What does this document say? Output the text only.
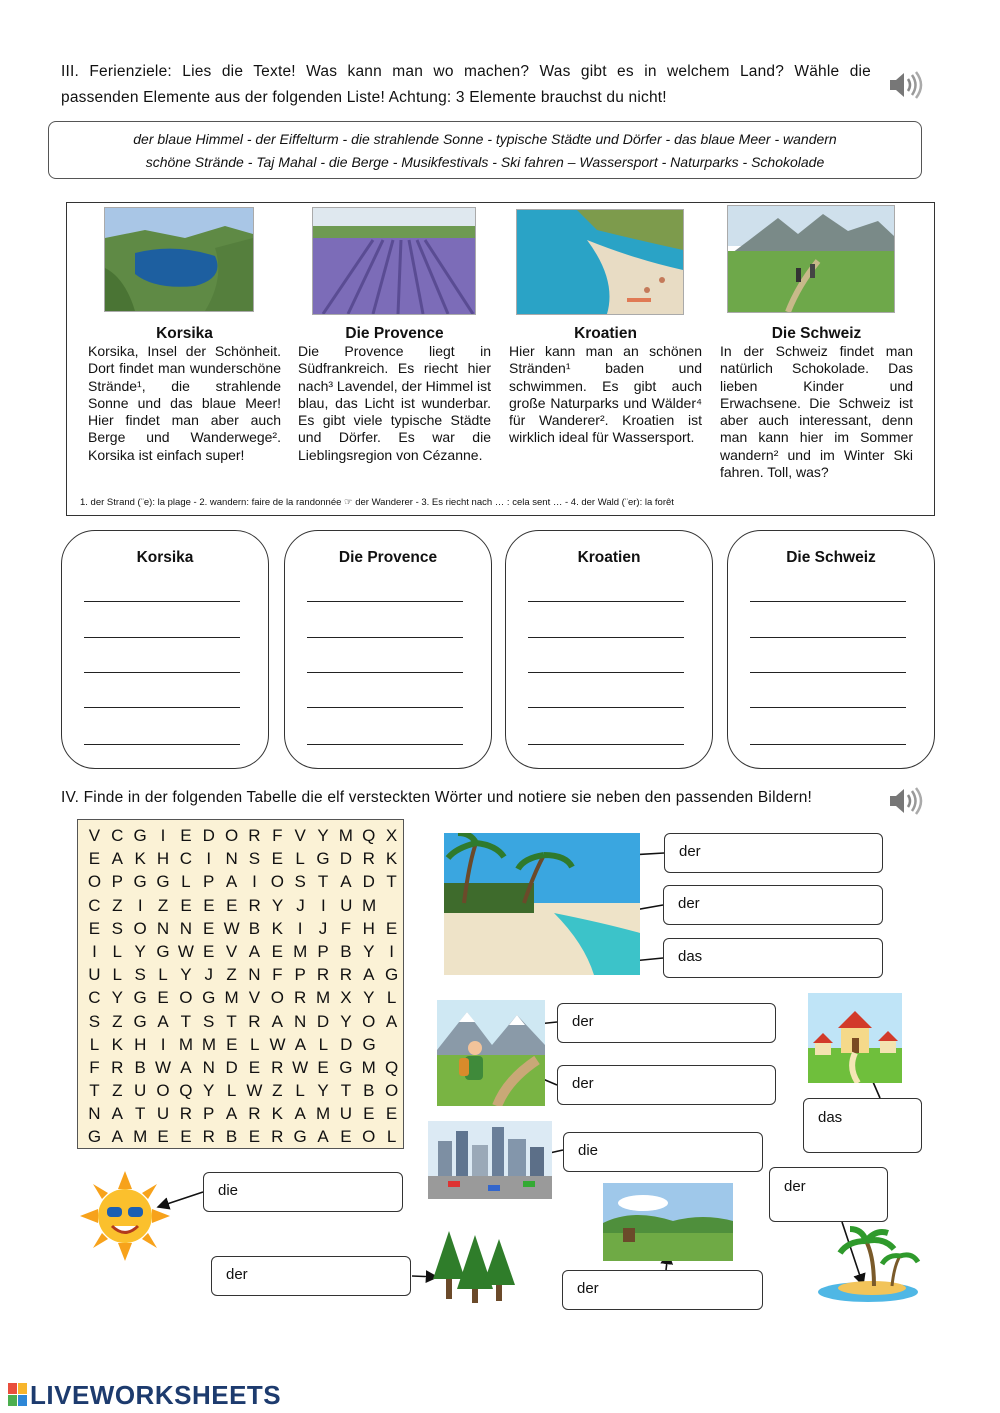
III. Ferienziele: Lies die Texte! Was kann man wo machen? Was gibt es in welchem Land? Wähle die
passenden Elemente aus der folgenden Liste! Achtung: 3 Elemente brauchst du nicht!
der blaue Himmel - der Eiffelturm - die strahlende Sonne - typische Städte und Dörfer - das blaue Meer - wandern
schöne Strände - Taj Mahal - die Berge - Musikfestivals - Ski fahren – Wassersport - Naturparks - Schokolade
Korsika
Korsika, Insel der Schönheit. Dort findet man wunderschöne Strände¹, die strahlende Sonne und das blaue Meer! Hier findet man aber auch Berge und Wanderwege². Korsika ist einfach super!
Die Provence
Die Provence liegt in Südfrankreich. Es riecht hier nach³ Lavendel, der Himmel ist blau, das Licht ist wunderbar. Es gibt viele typische Städte und Dörfer. Es war die Lieblingsregion von Cézanne.
Kroatien
Hier kann man an schönen Stränden¹ baden und schwimmen. Es gibt auch große Naturparks und Wälder⁴ für Wanderer². Kroatien ist wirklich ideal für Wassersport.
Die Schweiz
In der Schweiz findet man natürlich Schokolade. Das lieben Kinder und Erwachsene. Die Schweiz ist aber auch interessant, denn man kann hier im Sommer wandern² und im Winter Ski fahren. Toll, was?
1. der Strand (¨e): la plage - 2. wandern: faire de la randonnée ☞ der Wanderer - 3. Es riecht nach … : cela sent … - 4. der Wald (¨er): la forêt
Korsika	Die Provence	Kroatien	Die Schweiz
IV. Finde in der folgenden Tabelle die elf versteckten Wörter und notiere sie neben den passenden Bildern!
V C G I E D O R F V Y M Q X
E A K H C I N S E L G D R K
O P G G L P A I O S T A D T
C Z I Z E E E R Y J I U M
E S O N N E W B K I J F H E
I L Y G W E V A E M P B Y I
U L S L Y J Z N F P R R A G
C Y G E O G M V O R M X Y L
S Z G A T S T R A N D Y O A
L K H I M M E L W A L D G
F R B W A N D E R W E G M Q
T Z U O Q Y L W Z L Y T B O
N A T U R P A R K A M U E E
G A M E E R B E R G A E O L
der
der
das
der
der
das
die
der
die
der
der
LIVEWORKSHEETS
